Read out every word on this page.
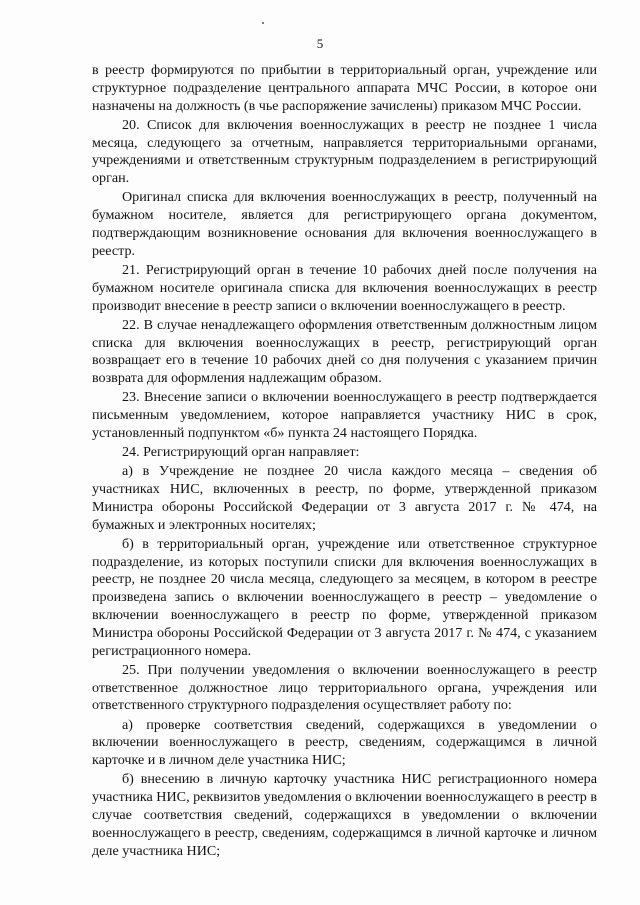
5

в реестр формируются по прибытии в территориальный орган, учреждение или структурное подразделение центрального аппарата МЧС России, в которое они назначены на должность (в чье распоряжение зачислены) приказом МЧС России.

20. Список для включения военнослужащих в реестр не позднее 1 числа месяца, следующего за отчетным, направляется территориальными органами, учреждениями и ответственным структурным подразделением в регистрирующий орган.

Оригинал списка для включения военнослужащих в реестр, полученный на бумажном носителе, является для регистрирующего органа документом, подтверждающим возникновение основания для включения военнослужащего в реестр.

21. Регистрирующий орган в течение 10 рабочих дней после получения на бумажном носителе оригинала списка для включения военнослужащих в реестр производит внесение в реестр записи о включении военнослужащего в реестр.

22. В случае ненадлежащего оформления ответственным должностным лицом списка для включения военнослужащих в реестр, регистрирующий орган возвращает его в течение 10 рабочих дней со дня получения с указанием причин возврата для оформления надлежащим образом.

23. Внесение записи о включении военнослужащего в реестр подтверждается письменным уведомлением, которое направляется участнику НИС в срок, установленный подпунктом «б» пункта 24 настоящего Порядка.

24. Регистрирующий орган направляет:

а) в Учреждение не позднее 20 числа каждого месяца – сведения об участниках НИС, включенных в реестр, по форме, утвержденной приказом Министра обороны Российской Федерации от 3 августа 2017 г. № 474, на бумажных и электронных носителях;

б) в территориальный орган, учреждение или ответственное структурное подразделение, из которых поступили списки для включения военнослужащих в реестр, не позднее 20 числа месяца, следующего за месяцем, в котором в реестре произведена запись о включении военнослужащего в реестр – уведомление о включении военнослужащего в реестр по форме, утвержденной приказом Министра обороны Российской Федерации от 3 августа 2017 г. № 474, с указанием регистрационного номера.

25. При получении уведомления о включении военнослужащего в реестр ответственное должностное лицо территориального органа, учреждения или ответственного структурного подразделения осуществляет работу по:

а) проверке соответствия сведений, содержащихся в уведомлении о включении военнослужащего в реестр, сведениям, содержащимся в личной карточке и в личном деле участника НИС;

б) внесению в личную карточку участника НИС регистрационного номера участника НИС, реквизитов уведомления о включении военнослужащего в реестр в случае соответствия сведений, содержащихся в уведомлении о включении военнослужащего в реестр, сведениям, содержащимся в личной карточке и личном деле участника НИС;
